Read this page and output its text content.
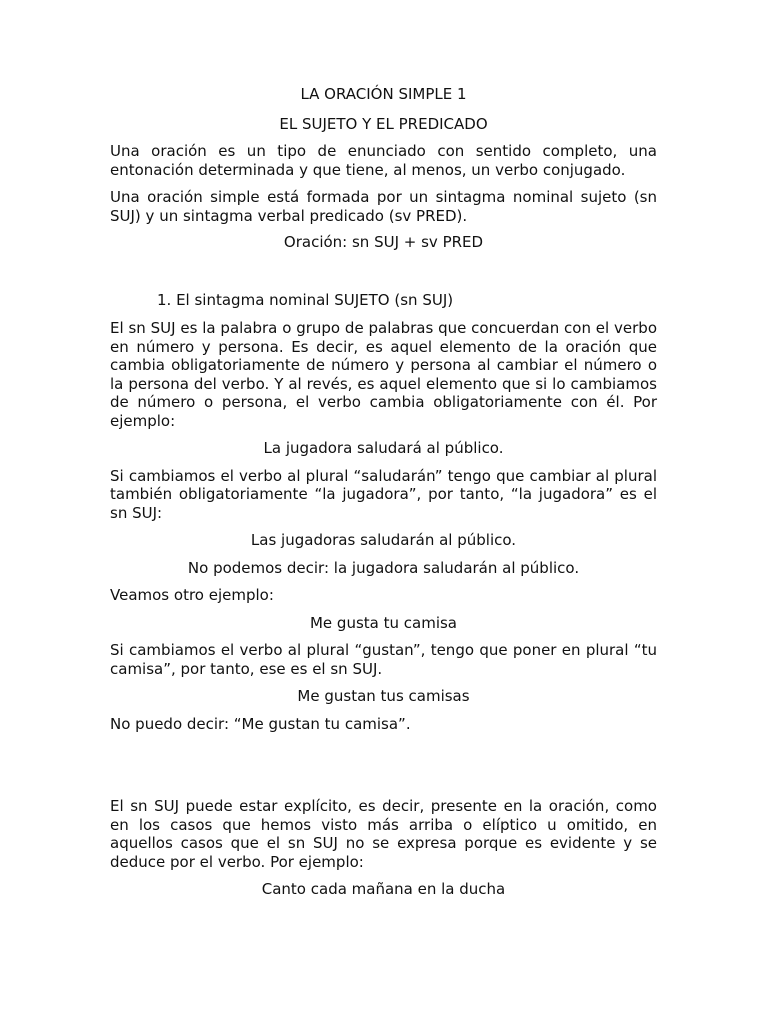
LA ORACIÓN SIMPLE 1

EL SUJETO Y EL PREDICADO

Una oración es un tipo de enunciado con sentido completo, una entonación determinada y que tiene, al menos, un verbo conjugado.

Una oración simple está formada por un sintagma nominal sujeto (sn SUJ) y un sintagma verbal predicado (sv PRED).

Oración: sn SUJ + sv PRED

1. El sintagma nominal SUJETO (sn SUJ)

El sn SUJ es la palabra o grupo de palabras que concuerdan con el verbo en número y persona. Es decir, es aquel elemento de la oración que cambia obligatoriamente de número y persona al cambiar el número o la persona del verbo. Y al revés, es aquel elemento que si lo cambiamos de número o persona, el verbo cambia obligatoriamente con él. Por ejemplo:

La jugadora saludará al público.

Si cambiamos el verbo al plural “saludarán” tengo que cambiar al plural también obligatoriamente “la jugadora”, por tanto, “la jugadora” es el sn SUJ:

Las jugadoras saludarán al público.

No podemos decir: la jugadora saludarán al público.

Veamos otro ejemplo:

Me gusta tu camisa

Si cambiamos el verbo al plural “gustan”, tengo que poner en plural “tu camisa”, por tanto, ese es el sn SUJ.

Me gustan tus camisas

No puedo decir: “Me gustan tu camisa”.

El sn SUJ puede estar explícito, es decir, presente en la oración, como en los casos que hemos visto más arriba o elíptico u omitido, en aquellos casos que el sn SUJ no se expresa porque es evidente y se deduce por el verbo. Por ejemplo:

Canto cada mañana en la ducha
